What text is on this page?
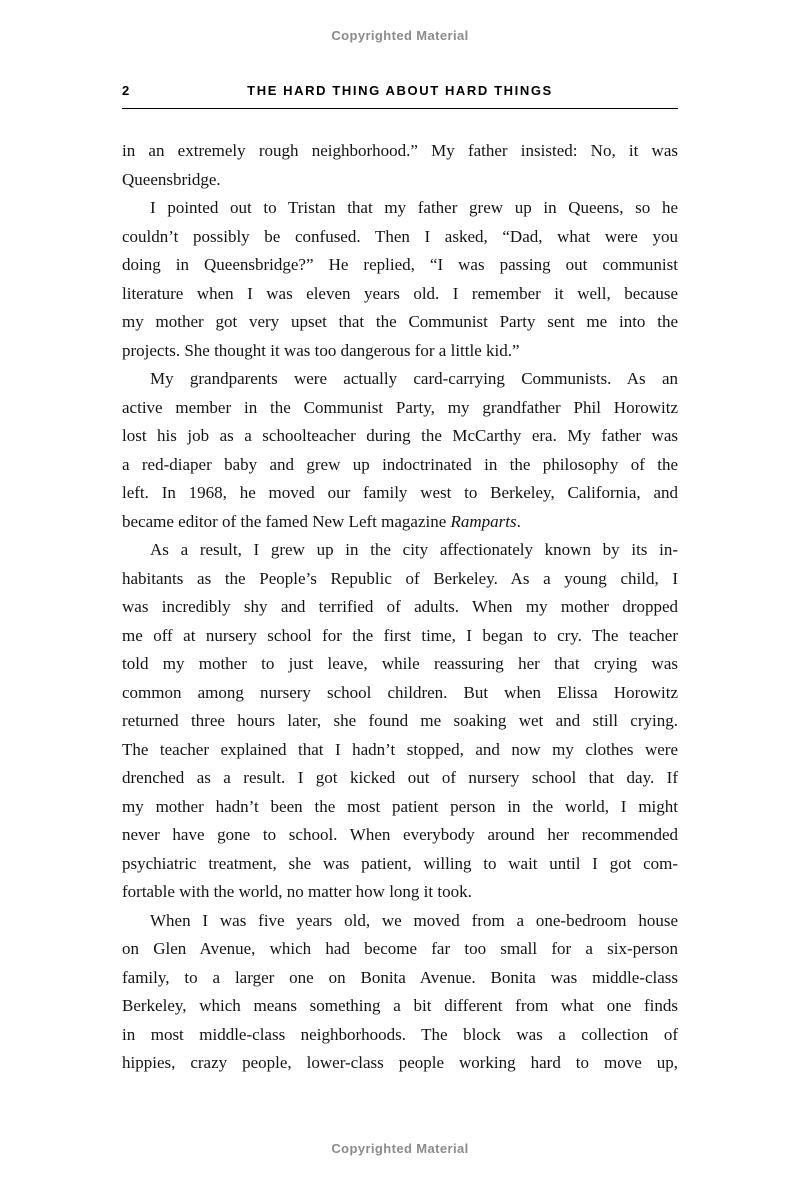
Copyrighted Material
2	THE HARD THING ABOUT HARD THINGS
in an extremely rough neighborhood.” My father insisted: No, it was
Queensbridge.
I pointed out to Tristan that my father grew up in Queens, so he
couldn’t possibly be confused. Then I asked, “Dad, what were you
doing in Queensbridge?” He replied, “I was passing out communist
literature when I was eleven years old. I remember it well, because
my mother got very upset that the Communist Party sent me into the
projects. She thought it was too dangerous for a little kid.”
My grandparents were actually card-carrying Communists. As an
active member in the Communist Party, my grandfather Phil Horowitz
lost his job as a schoolteacher during the McCarthy era. My father was
a red-diaper baby and grew up indoctrinated in the philosophy of the
left. In 1968, he moved our family west to Berkeley, California, and
became editor of the famed New Left magazine Ramparts.
As a result, I grew up in the city affectionately known by its in-
habitants as the People’s Republic of Berkeley. As a young child, I
was incredibly shy and terrified of adults. When my mother dropped
me off at nursery school for the first time, I began to cry. The teacher
told my mother to just leave, while reassuring her that crying was
common among nursery school children. But when Elissa Horowitz
returned three hours later, she found me soaking wet and still crying.
The teacher explained that I hadn’t stopped, and now my clothes were
drenched as a result. I got kicked out of nursery school that day. If
my mother hadn’t been the most patient person in the world, I might
never have gone to school. When everybody around her recommended
psychiatric treatment, she was patient, willing to wait until I got com-
fortable with the world, no matter how long it took.
When I was five years old, we moved from a one-bedroom house
on Glen Avenue, which had become far too small for a six-person
family, to a larger one on Bonita Avenue. Bonita was middle-class
Berkeley, which means something a bit different from what one finds
in most middle-class neighborhoods. The block was a collection of
hippies, crazy people, lower-class people working hard to move up,
Copyrighted Material
